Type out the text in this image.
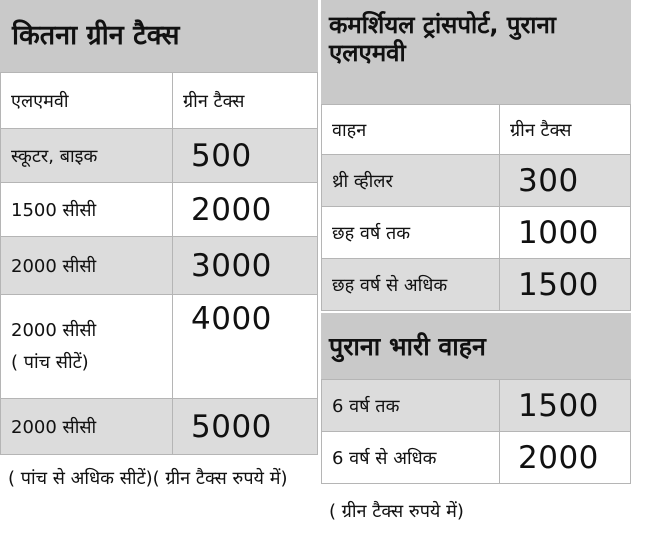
कितना ग्रीन टैक्स
एलएमवी	ग्रीन टैक्स
स्कूटर, बाइक	500
1500 सीसी	2000
2000 सीसी	3000

2000 सीसी
( पांच सीटें)	4000
2000 सीसी	5000
( पांच से अधिक सीटें)( ग्रीन टैक्स रुपये में)
कमर्शियल ट्रांसपोर्ट, पुराना एलएमवी
वाहन	ग्रीन टैक्स
थ्री व्हीलर	300
छह वर्ष तक	1000
छह वर्ष से अधिक	1500
पुराना भारी वाहन
6 वर्ष तक	1500
6 वर्ष से अधिक	2000
( ग्रीन टैक्स रुपये में)
